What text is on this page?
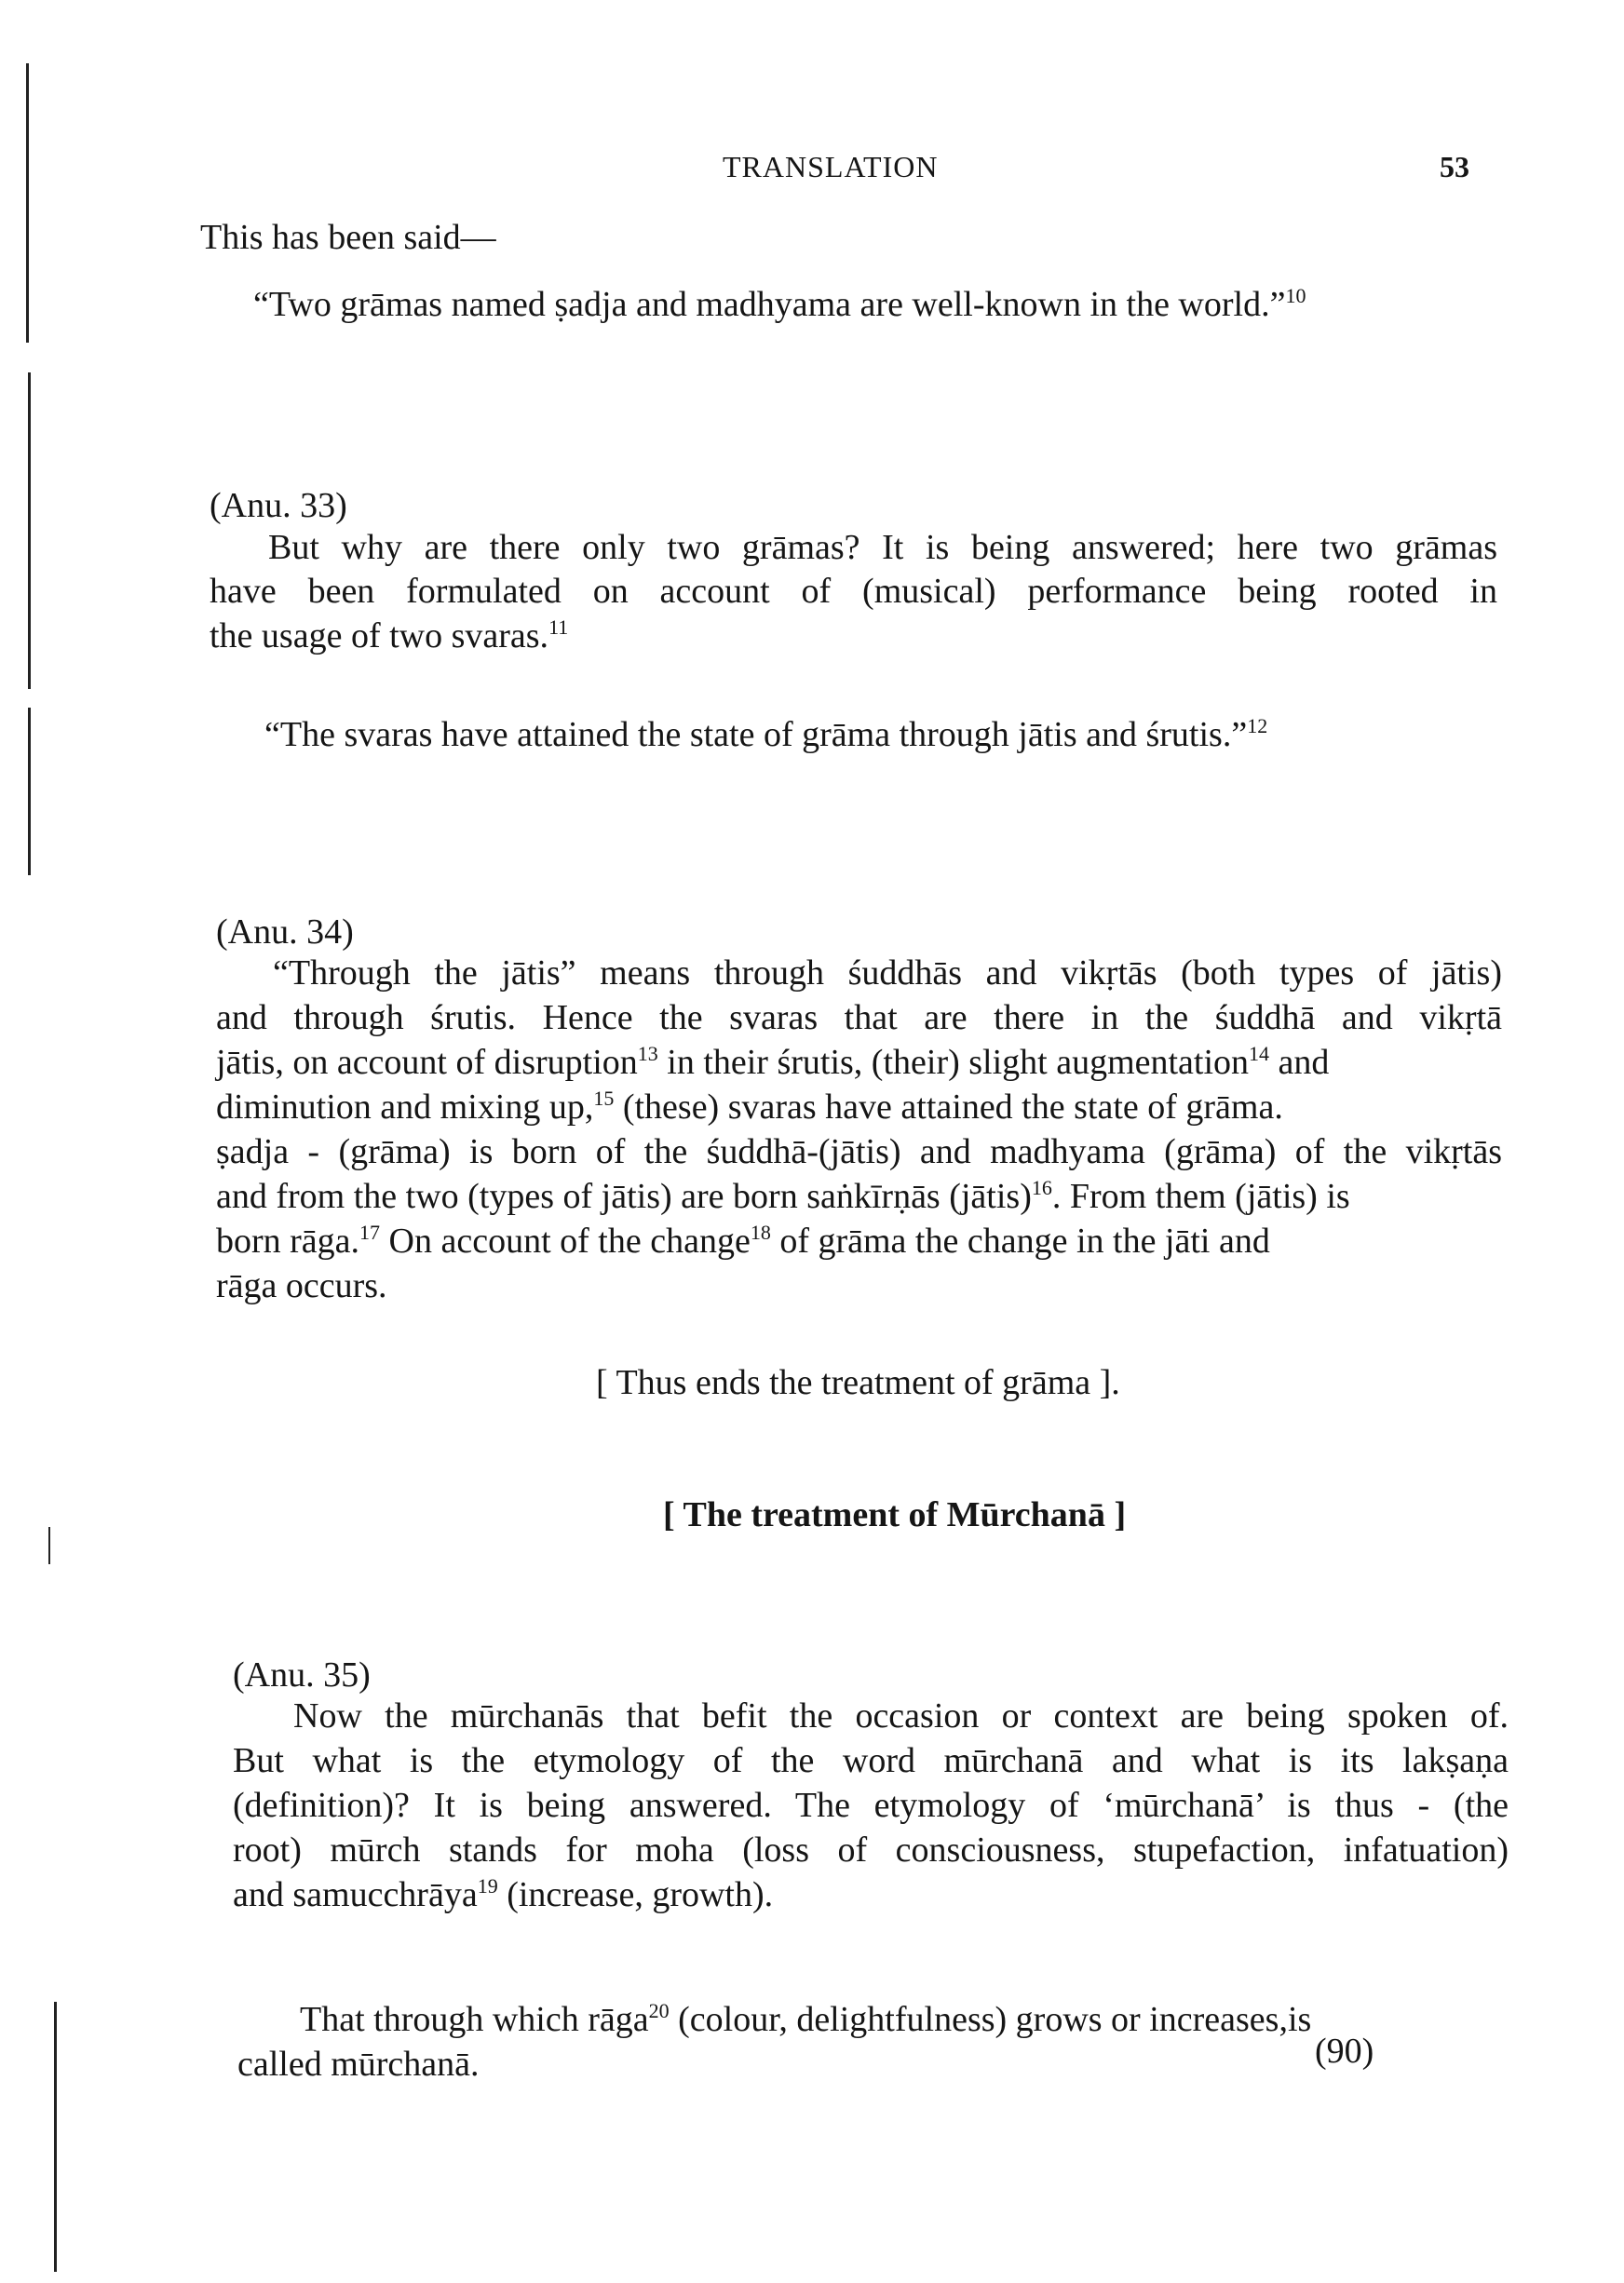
TRANSLATION	53
This has been said—
“Two grāmas named ṣadja and madhyama are well-known in the world.”$^{10}$
(Anu. 33)
But why are there only two grāmas? It is being answered; here two grāmas
have been formulated on account of (musical) performance being rooted in
the usage of two svaras.$^{11}$
“The svaras have attained the state of grāma through jātis and śrutis.”$^{12}$
(Anu. 34)
“Through the jātis” means through śuddhās and vikṛtās (both types of jātis)
and through śrutis. Hence the svaras that are there in the śuddhā and vikṛtā
jātis, on account of disruption$^{13}$ in their śrutis, (their) slight augmentation$^{14}$ and
diminution and mixing up,$^{15}$ (these) svaras have attained the state of grāma.
ṣadja - (grāma) is born of the śuddhā-(jātis) and madhyama (grāma) of the vikṛtās
and from the two (types of jātis) are born saṅkīrṇās (jātis)$^{16}$. From them (jātis) is
born rāga.$^{17}$ On account of the change$^{18}$ of grāma the change in the jāti and
rāga occurs.
[ Thus ends the treatment of grāma ].
[ The treatment of Mūrchanā ]
(Anu. 35)
Now the mūrchanās that befit the occasion or context are being spoken of.
But what is the etymology of the word mūrchanā and what is its lakṣaṇa
(definition)? It is being answered. The etymology of ‘mūrchanā’ is thus - (the
root) mūrch stands for moha (loss of consciousness, stupefaction, infatuation)
and samucchrāya$^{19}$ (increase, growth).
That through which rāga$^{20}$ (colour, delightfulness) grows or increases,is
called mūrchanā.	(90)
